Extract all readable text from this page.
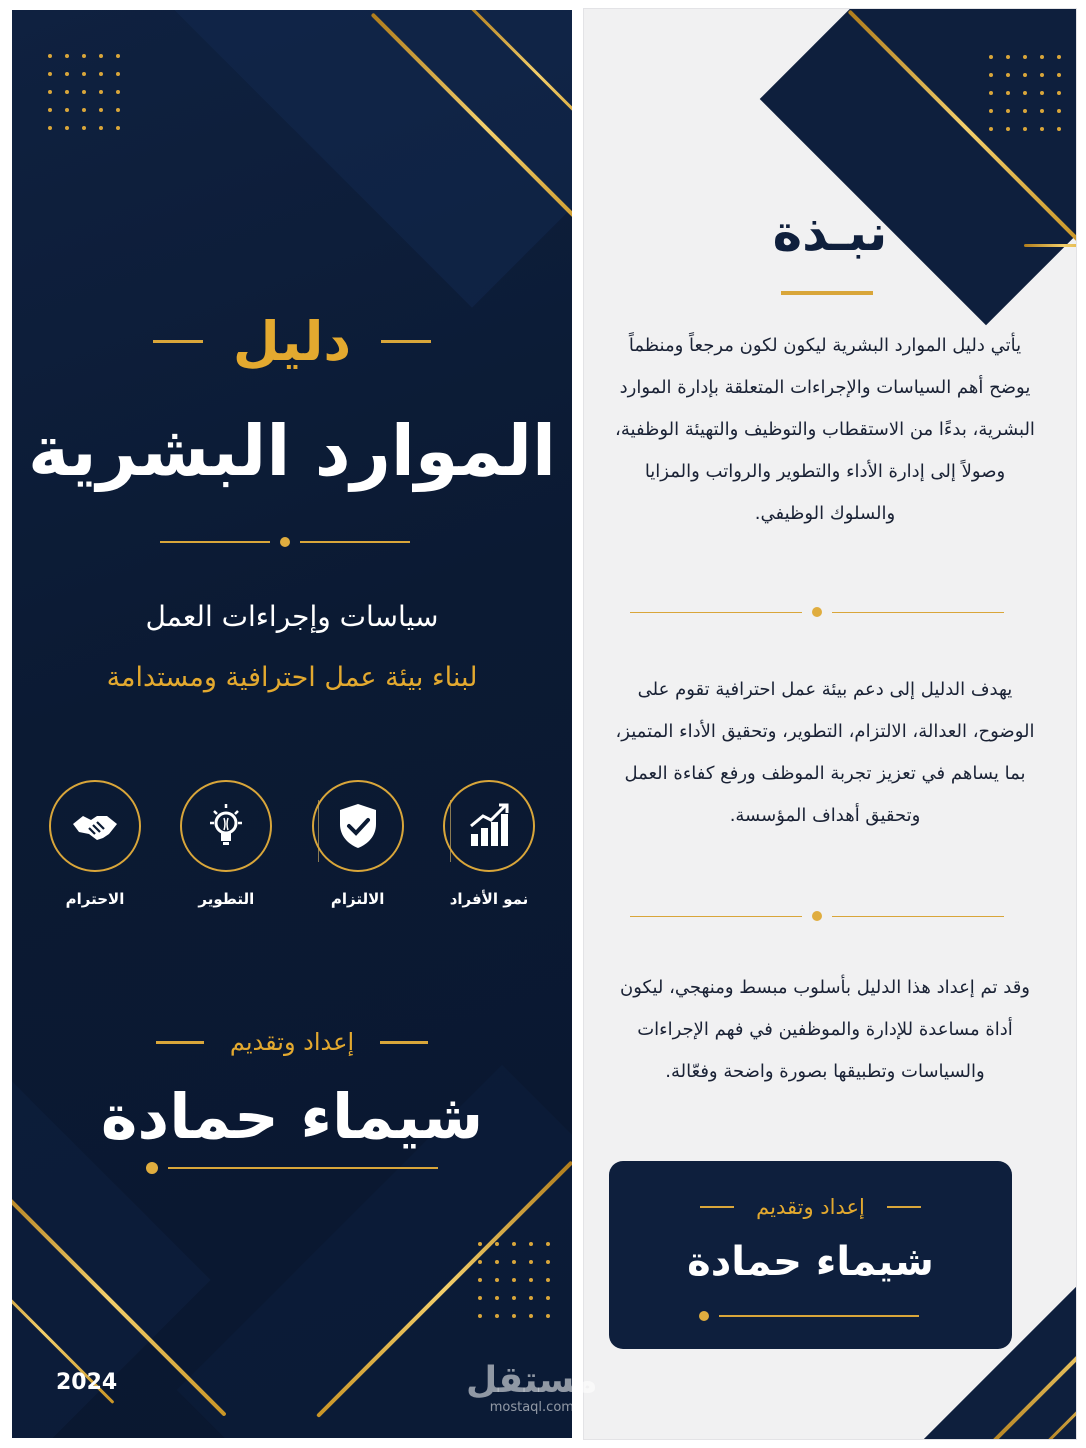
دليل
الموارد البشرية
سياسات وإجراءات العمل
لبناء بيئة عمل احترافية ومستدامة
الاحترام	التطوير	الالتزام	نمو الأفراد
إعداد وتقديم
شيماء حمادة
2024
نبـذة
يأتي دليل الموارد البشرية ليكون لكون مرجعاً ومنظماً يوضح أهم السياسات والإجراءات المتعلقة بإدارة الموارد البشرية، بدءًا من الاستقطاب والتوظيف والتهيئة الوظفية، وصولاً إلى إدارة الأداء والتطوير والرواتب والمزايا والسلوك الوظيفي.
يهدف الدليل إلى دعم بيئة عمل احترافية تقوم على الوضوح، العدالة، الالتزام، التطوير، وتحقيق الأداء المتميز، بما يساهم في تعزيز تجربة الموظف ورفع كفاءة العمل وتحقيق أهداف المؤسسة.
وقد تم إعداد هذا الدليل بأسلوب مبسط ومنهجي، ليكون أداة مساعدة للإدارة والموظفين في فهم الإجراءات والسياسات وتطبيقها بصورة واضحة وفعّالة.
إعداد وتقديم
شيماء حمادة
مستقل
mostaql.com
